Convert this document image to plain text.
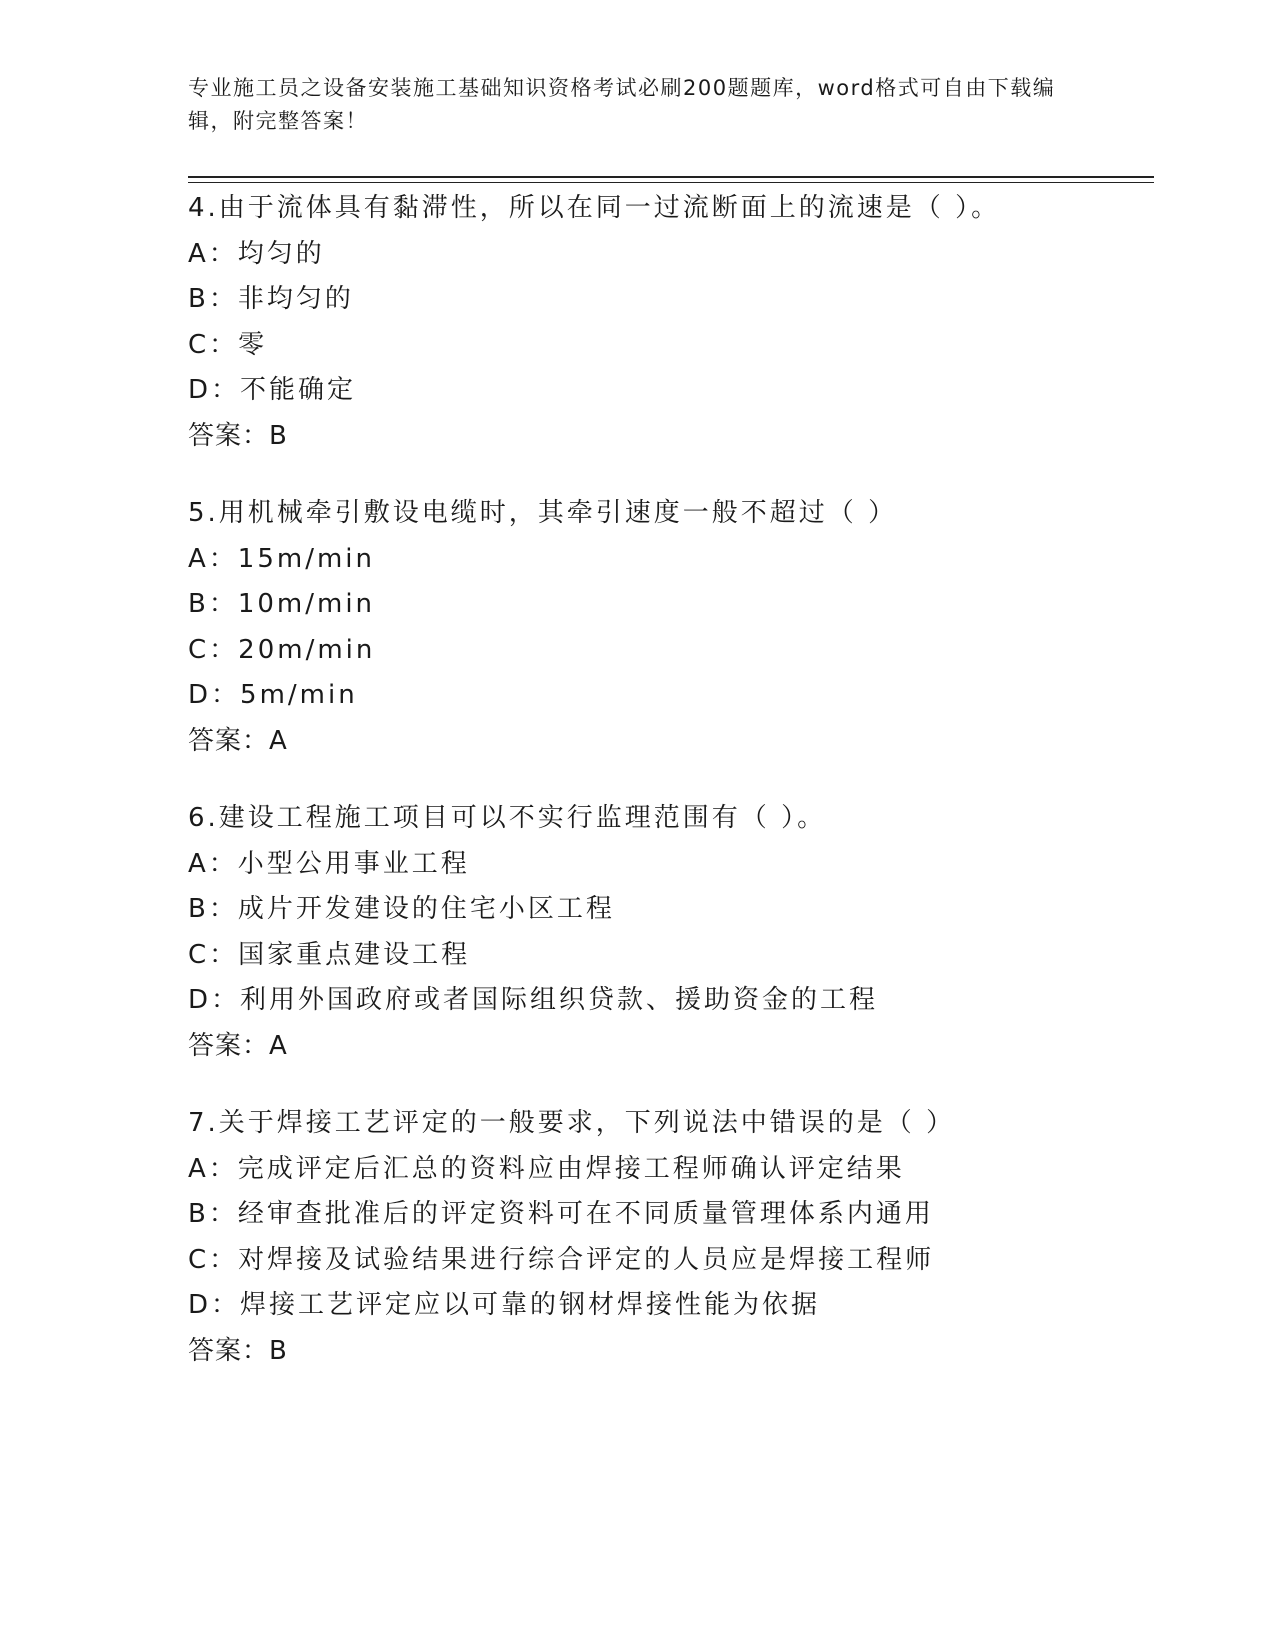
专业施工员之设备安装施工基础知识资格考试必刷200题题库，word格式可自由下载编辑，附完整答案！
4.由于流体具有黏滞性，所以在同一过流断面上的流速是（ ）。
A：均匀的
B：非均匀的
C：零
D：不能确定
答案：B
5.用机械牵引敷设电缆时，其牵引速度一般不超过（ ）
A：15m/min
B：10m/min
C：20m/min
D：5m/min
答案：A
6.建设工程施工项目可以不实行监理范围有（ ）。
A：小型公用事业工程
B：成片开发建设的住宅小区工程
C：国家重点建设工程
D：利用外国政府或者国际组织贷款、援助资金的工程
答案：A
7.关于焊接工艺评定的一般要求，下列说法中错误的是（ ）
A：完成评定后汇总的资料应由焊接工程师确认评定结果
B：经审查批准后的评定资料可在不同质量管理体系内通用
C：对焊接及试验结果进行综合评定的人员应是焊接工程师
D：焊接工艺评定应以可靠的钢材焊接性能为依据
答案：B
